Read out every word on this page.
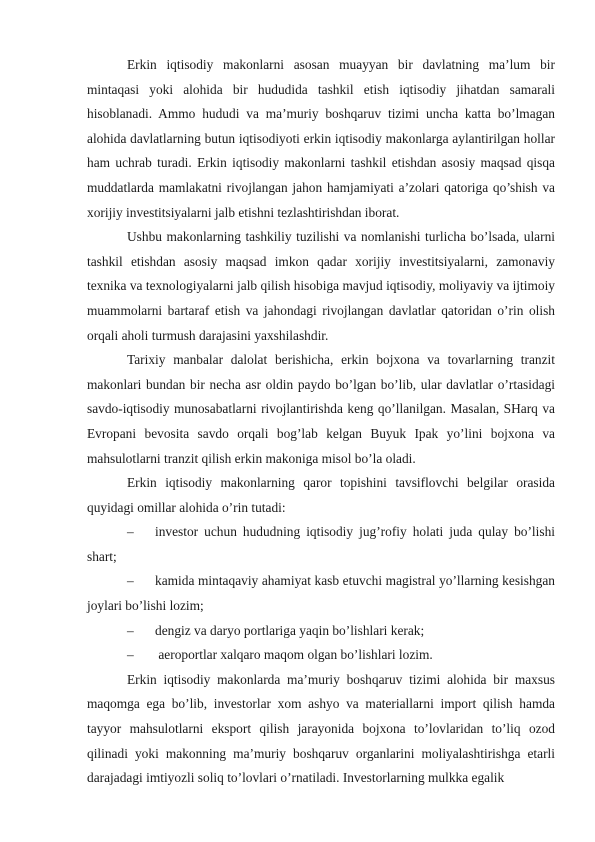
Erkin iqtisodiy makonlarni asosan muayyan bir davlatning ma’lum bir mintaqasi yoki alohida bir hududida tashkil etish iqtisodiy jihatdan samarali hisoblanadi. Ammo hududi va ma’muriy boshqaruv tizimi uncha katta bo’lmagan alohida davlatlarning butun iqtisodiyoti erkin iqtisodiy makonlarga aylantirilgan hollar ham uchrab turadi. Erkin iqtisodiy makonlarni tashkil etishdan asosiy maqsad qisqa muddatlarda mamlakatni rivojlangan jahon hamjamiyati a’zolari qatoriga qo’shish va xorijiy investitsiyalarni jalb etishni tezlashtirishdan iborat.

Ushbu makonlarning tashkiliy tuzilishi va nomlanishi turlicha bo’lsada, ularni tashkil etishdan asosiy maqsad imkon qadar xorijiy investitsiyalarni, zamonaviy texnika va texnologiyalarni jalb qilish hisobiga mavjud iqtisodiy, moliyaviy va ijtimoiy muammolarni bartaraf etish va jahondagi rivojlangan davlatlar qatoridan o’rin olish orqali aholi turmush darajasini yaxshilashdir.

Tarixiy manbalar dalolat berishicha, erkin bojxona va tovarlarning tranzit makonlari bundan bir necha asr oldin paydo bo’lgan bo’lib, ular davlatlar o’rtasidagi savdo-iqtisodiy munosabatlarni rivojlantirishda keng qo’llanilgan. Masalan, SHarq va Evropani bevosita savdo orqali bog’lab kelgan Buyuk Ipak yo’lini bojxona va mahsulotlarni tranzit qilish erkin makoniga misol bo’la oladi.

Erkin iqtisodiy makonlarning qaror topishini tavsiflovchi belgilar orasida quyidagi omillar alohida o’rin tutadi:

– investor uchun hududning iqtisodiy jug’rofiy holati juda qulay bo’lishi shart;

– kamida mintaqaviy ahamiyat kasb etuvchi magistral yo’llarning kesishgan joylari bo’lishi lozim;

– dengiz va daryo portlariga yaqin bo’lishlari kerak;

– aeroportlar xalqaro maqom olgan bo’lishlari lozim.

Erkin iqtisodiy makonlarda ma’muriy boshqaruv tizimi alohida bir maxsus maqomga ega bo’lib, investorlar xom ashyo va materiallarni import qilish hamda tayyor mahsulotlarni eksport qilish jarayonida bojxona to’lovlaridan to’liq ozod qilinadi yoki makonning ma’muriy boshqaruv organlarini moliyalashtirishga etarli darajadagi imtiyozli soliq to’lovlari o’rnatiladi. Investorlarning mulkka egalik
